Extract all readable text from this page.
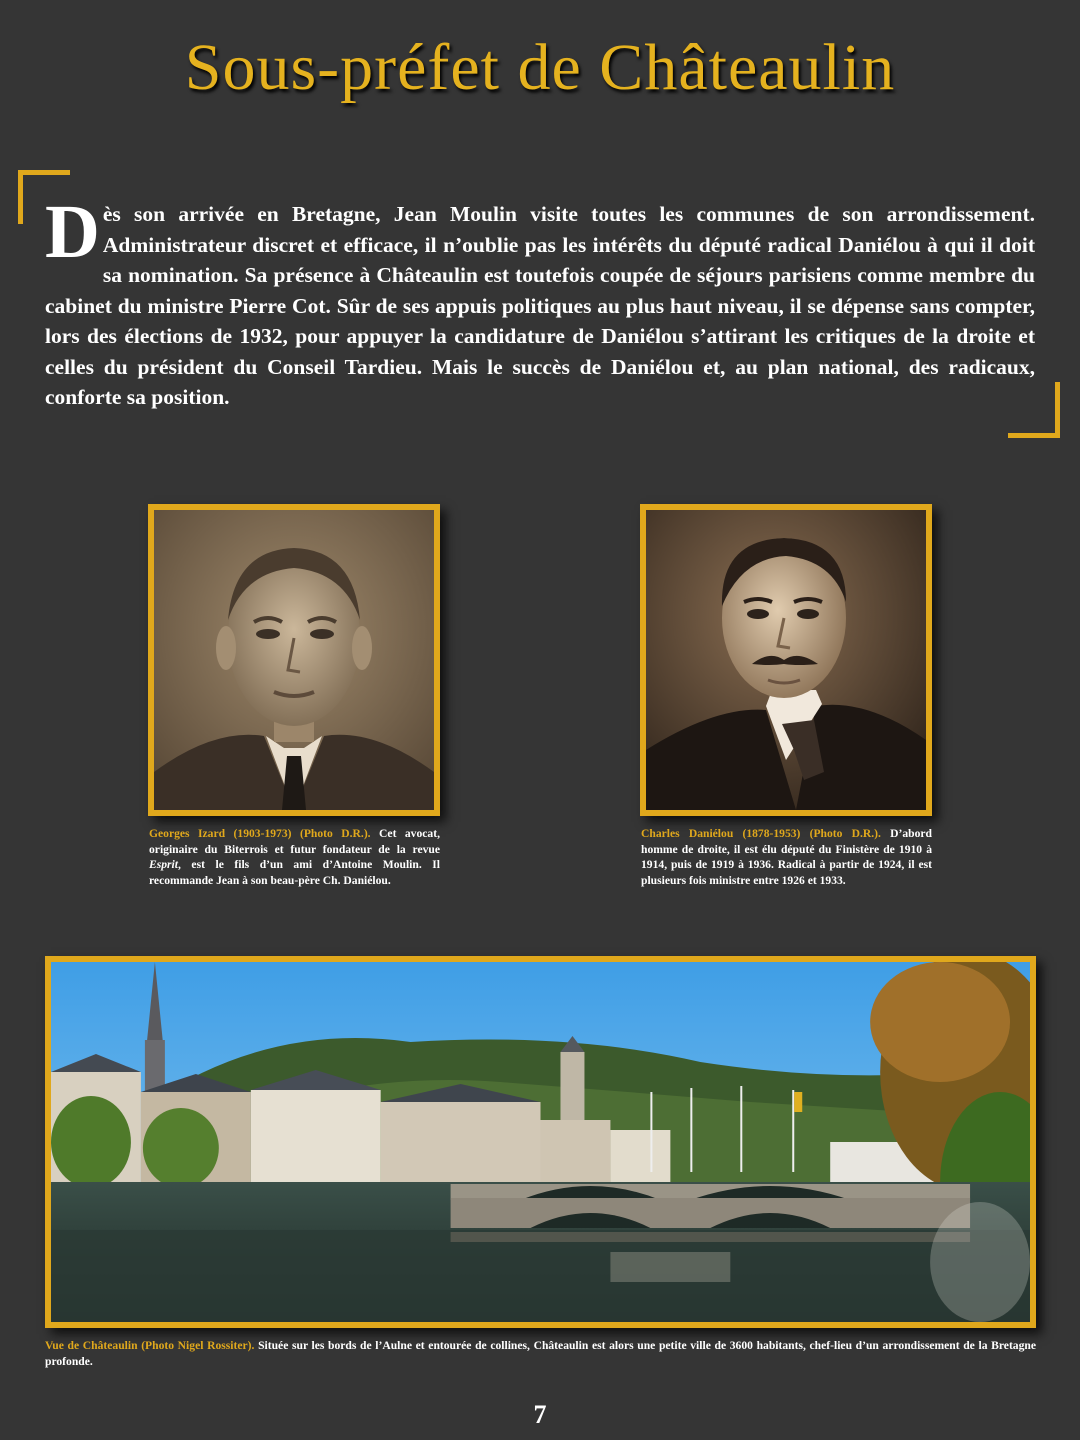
Sous-préfet de Châteaulin

Dès son arrivée en Bretagne, Jean Moulin visite toutes les communes de son arrondissement. Administrateur discret et efficace, il n’oublie pas les intérêts du député radical Daniélou à qui il doit sa nomination. Sa présence à Châteaulin est toutefois coupée de séjours parisiens comme membre du cabinet du ministre Pierre Cot. Sûr de ses appuis politiques au plus haut niveau, il se dépense sans compter, lors des élections de 1932, pour appuyer la candidature de Daniélou s’attirant les critiques de la droite et celles du président du Conseil Tardieu. Mais le succès de Daniélou et, au plan national, des radicaux, conforte sa position.

Georges Izard (1903-1973) (Photo D.R.). Cet avocat, originaire du Biterrois et futur fondateur de la revue Esprit, est le fils d’un ami d’Antoine Moulin. Il recommande Jean à son beau-père Ch. Daniélou.

Charles Daniélou (1878-1953) (Photo D.R.). D’abord homme de droite, il est élu député du Finistère de 1910 à 1914, puis de 1919 à 1936. Radical à partir de 1924, il est plusieurs fois ministre entre 1926 et 1933.

Vue de Châteaulin (Photo Nigel Rossiter). Située sur les bords de l’Aulne et entourée de collines, Châteaulin est alors une petite ville de 3600 habitants, chef-lieu d’un arrondissement de la Bretagne profonde.

7
